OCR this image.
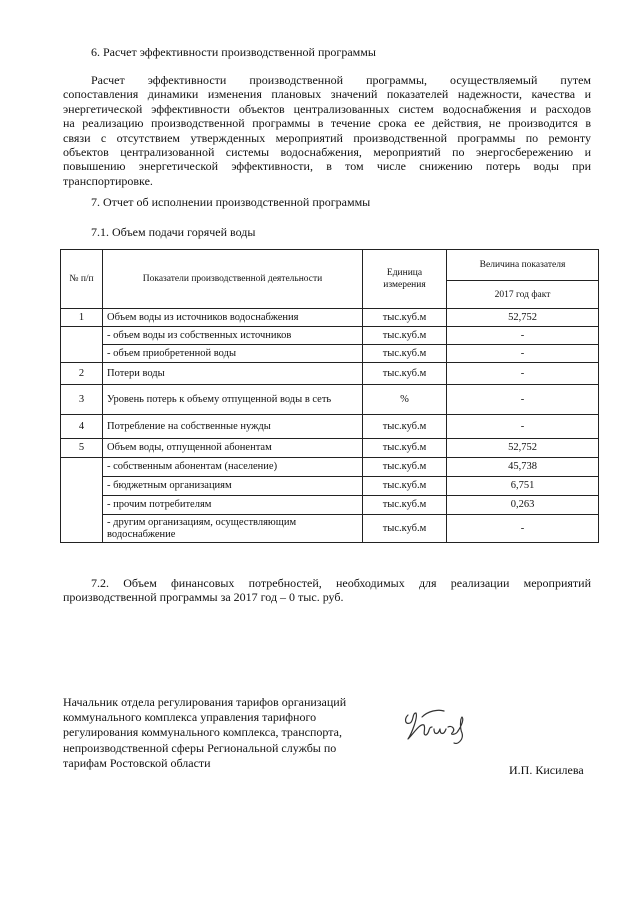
6. Расчет эффективности производственной программы
Расчет эффективности производственной программы, осуществляемый путем
сопоставления динамики изменения плановых значений показателей надежности, качества и
энергетической эффективности объектов централизованных систем водоснабжения и расходов
на реализацию производственной программы в течение срока ее действия, не производится в
связи с отсутствием утвержденных мероприятий производственной программы по ремонту
объектов централизованной системы водоснабжения, мероприятий по энергосбережению и
повышению энергетической эффективности, в том числе снижению потерь воды при
транспортировке.
7. Отчет об исполнении производственной программы
7.1. Объем подачи горячей воды
№ п/п	Показатели производственной деятельности	Единица измерения	Величина показателя
			2017 год факт
1	Объем воды из источников водоснабжения	тыс.куб.м	52,752
	- объем воды из собственных источников	тыс.куб.м	-
	- объем приобретенной воды	тыс.куб.м	-
2	Потери воды	тыс.куб.м	-
3	Уровень потерь к объему отпущенной воды в сеть	%	-
4	Потребление на собственные нужды	тыс.куб.м	-
5	Объем воды, отпущенной абонентам	тыс.куб.м	52,752
	- собственным абонентам (население)	тыс.куб.м	45,738
	- бюджетным организациям	тыс.куб.м	6,751
	- прочим потребителям	тыс.куб.м	0,263
	- другим организациям, осуществляющим водоснабжение	тыс.куб.м	-
7.2. Объем финансовых потребностей, необходимых для реализации мероприятий
производственной программы за 2017 год – 0 тыс. руб.
Начальник отдела регулирования тарифов организаций
коммунального комплекса управления тарифного
регулирования коммунального комплекса, транспорта,
непроизводственной сферы Региональной службы по
тарифам Ростовской области
И.П. Кисилева
